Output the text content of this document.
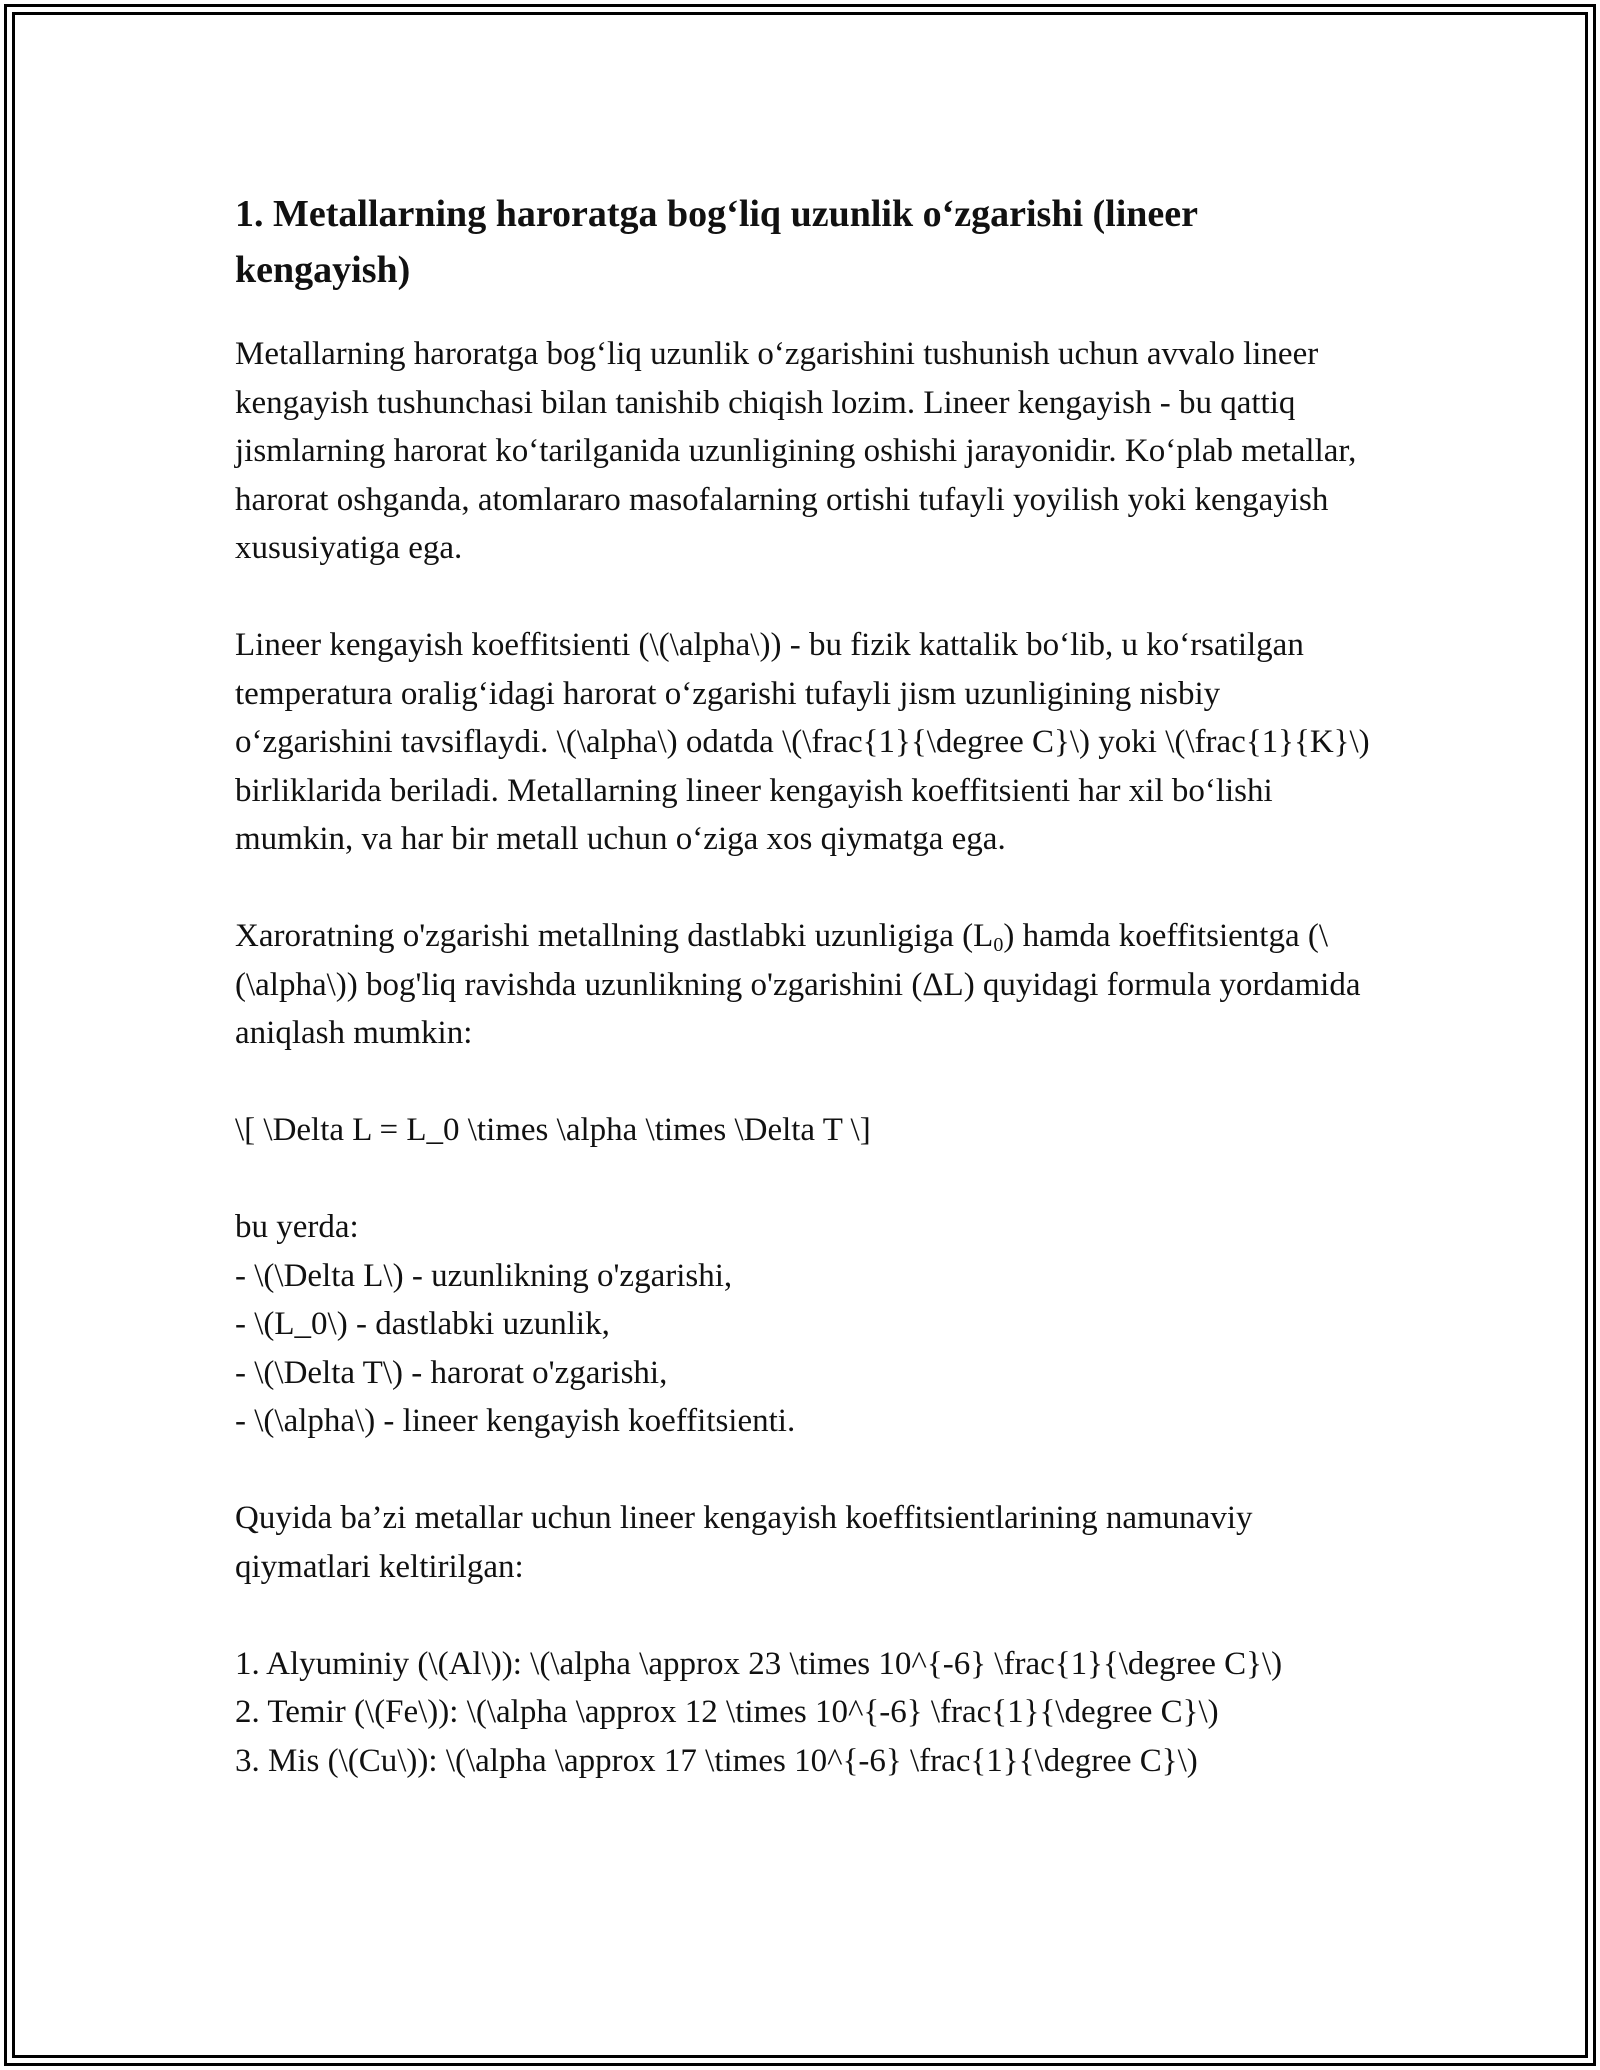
1. Metallarning haroratga bog‘liq uzunlik o‘zgarishi (lineer kengayish)

Metallarning haroratga bog‘liq uzunlik o‘zgarishini tushunish uchun avvalo lineer kengayish tushunchasi bilan tanishib chiqish lozim. Lineer kengayish - bu qattiq jismlarning harorat ko‘tarilganida uzunligining oshishi jarayonidir. Ko‘plab metallar, harorat oshganda, atomlararo masofalarning ortishi tufayli yoyilish yoki kengayish xususiyatiga ega.

Lineer kengayish koeffitsienti (\(\alpha\)) - bu fizik kattalik bo‘lib, u ko‘rsatilgan temperatura oralig‘idagi harorat o‘zgarishi tufayli jism uzunligining nisbiy o‘zgarishini tavsiflaydi. \(\alpha\) odatda \(\frac{1}{\degree C}\) yoki \(\frac{1}{K}\) birliklarida beriladi. Metallarning lineer kengayish koeffitsienti har xil bo‘lishi mumkin, va har bir metall uchun o‘ziga xos qiymatga ega.

Xaroratning o'zgarishi metallning dastlabki uzunligiga $(L_0)$ hamda koeffitsientga (\(\alpha\)) bog'liq ravishda uzunlikning o'zgarishini (ΔL) quyidagi formula yordamida aniqlash mumkin:

\[ \Delta L = L_0 \times \alpha \times \Delta T \]

bu yerda:

- \(\Delta L\) - uzunlikning o'zgarishi,

- \(L_0\) - dastlabki uzunlik,

- \(\Delta T\) - harorat o'zgarishi,

- \(\alpha\) - lineer kengayish koeffitsienti.

Quyida ba’zi metallar uchun lineer kengayish koeffitsientlarining namunaviy qiymatlari keltirilgan:

1. Alyuminiy (\(Al\)): \(\alpha \approx 23 \times 10^{-6} \frac{1}{\degree C}\)

2. Temir (\(Fe\)): \(\alpha \approx 12 \times 10^{-6} \frac{1}{\degree C}\)

3. Mis (\(Cu\)): \(\alpha \approx 17 \times 10^{-6} \frac{1}{\degree C}\)
